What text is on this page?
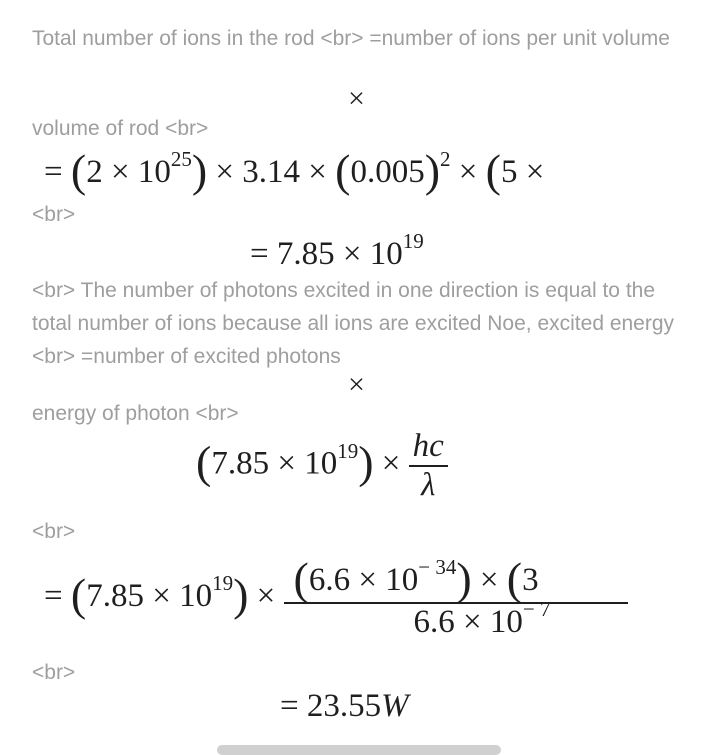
Total number of ions in the rod <br> =number of ions per unit volume
×
volume of rod <br>
= $(2 \times 10^{25}) \times 3.14 \times (0.005)^2 \times (5$ ×
<br>
= $7.85 \times 10^{19}$
<br> The number of photons excited in one direction is equal to the total number of ions because all ions are excited Noe, excited energy <br> =number of excited photons
×
energy of photon <br>
$(7.85 \times 10^{19}) \times \frac{hc}{\lambda}$
<br>
= $(7.85 \times 10^{19}) \times \frac{(6.6 \times 10^{- 34}) \times (3}{6.6 \times 10^{- 7}}$
<br>
= 23.55W
